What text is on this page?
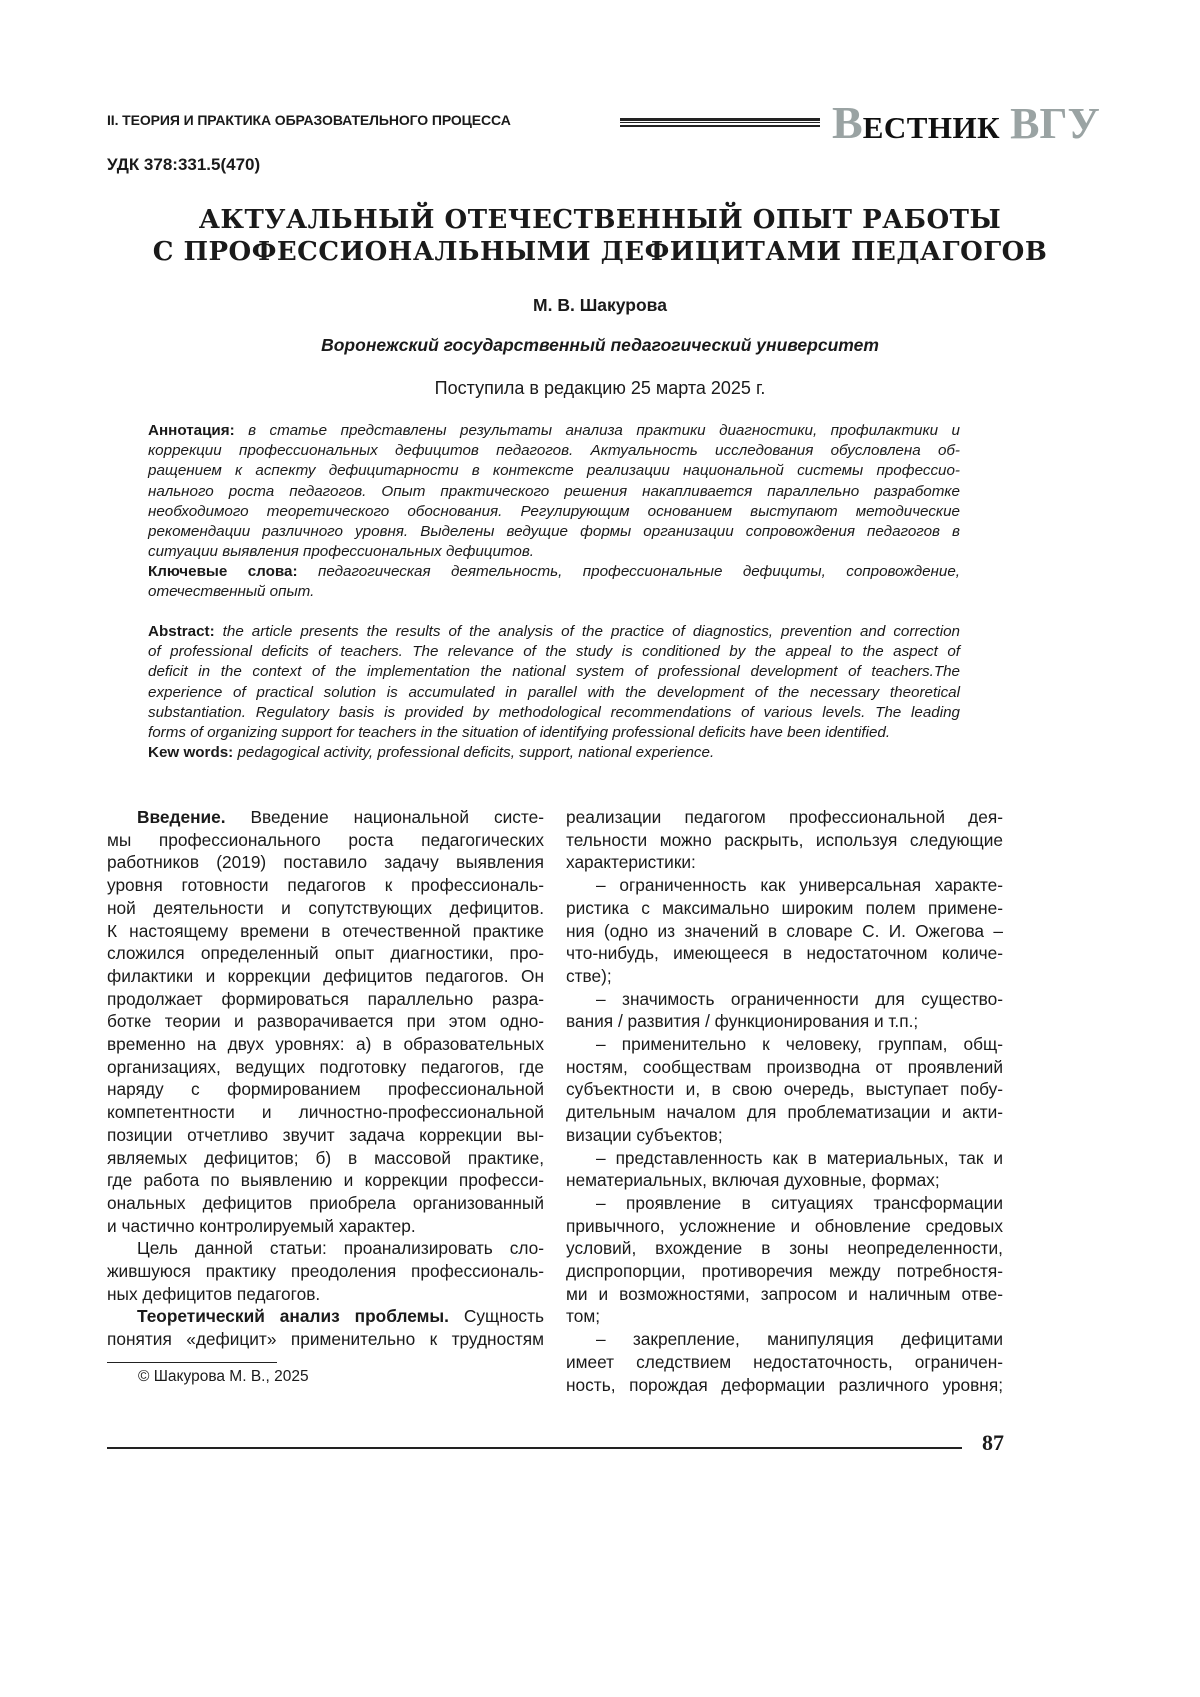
II. ТЕОРИЯ И ПРАКТИКА ОБРАЗОВАТЕЛЬНОГО ПРОЦЕССА	ВЕСТНИК ВГУ
УДК 378:331.5(470)
АКТУАЛЬНЫЙ ОТЕЧЕСТВЕННЫЙ ОПЫТ РАБОТЫ
С ПРОФЕССИОНАЛЬНЫМИ ДЕФИЦИТАМИ ПЕДАГОГОВ
М. В. Шакурова
Воронежский государственный педагогический университет
Поступила в редакцию 25 марта 2025 г.
Аннотация: в статье представлены результаты анализа практики диагностики, профилактики и
коррекции профессиональных дефицитов педагогов. Актуальность исследования обусловлена об-
ращением к аспекту дефицитарности в контексте реализации национальной системы профессио-
нального роста педагогов. Опыт практического решения накапливается параллельно разработке
необходимого теоретического обоснования. Регулирующим основанием выступают методические
рекомендации различного уровня. Выделены ведущие формы организации сопровождения педагогов в
ситуации выявления профессиональных дефицитов.
Ключевые слова: педагогическая деятельность, профессиональные дефициты, сопровождение,
отечественный опыт.
Abstract: the article presents the results of the analysis of the practice of diagnostics, prevention and correction
of professional deficits of teachers. The relevance of the study is conditioned by the appeal to the aspect of
deficit in the context of the implementation the national system of professional development of teachers.The
experience of practical solution is accumulated in parallel with the development of the necessary theoretical
substantiation. Regulatory basis is provided by methodological recommendations of various levels. The leading
forms of organizing support for teachers in the situation of identifying professional deficits have been identified.
Kew words: pedagogical activity, professional deficits, support, national experience.
Введение. Введение национальной систе-
мы профессионального роста педагогических
работников (2019) поставило задачу выявления
уровня готовности педагогов к профессиональ-
ной деятельности и сопутствующих дефицитов.
К настоящему времени в отечественной практике
сложился определенный опыт диагностики, про-
филактики и коррекции дефицитов педагогов. Он
продолжает формироваться параллельно разра-
ботке теории и разворачивается при этом одно-
временно на двух уровнях: а) в образовательных
организациях, ведущих подготовку педагогов, где
наряду с формированием профессиональной
компетентности и личностно-профессиональной
позиции отчетливо звучит задача коррекции вы-
являемых дефицитов; б) в массовой практике,
где работа по выявлению и коррекции професси-
ональных дефицитов приобрела организованный
и частично контролируемый характер.
Цель данной статьи: проанализировать сло-
жившуюся практику преодоления профессиональ-
ных дефицитов педагогов.
Теоретический анализ проблемы. Сущность
понятия «дефицит» применительно к трудностям
реализации педагогом профессиональной дея-
тельности можно раскрыть, используя следующие
характеристики:
– ограниченность как универсальная характе-
ристика с максимально широким полем примене-
ния (одно из значений в словаре С. И. Ожегова –
что-нибудь, имеющееся в недостаточном количе-
стве);
– значимость ограниченности для существо-
вания / развития / функционирования и т.п.;
– применительно к человеку, группам, общ-
ностям, сообществам производна от проявлений
субъектности и, в свою очередь, выступает побу-
дительным началом для проблематизации и акти-
визации субъектов;
– представленность как в материальных, так и
нематериальных, включая духовные, формах;
– проявление в ситуациях трансформации
привычного, усложнение и обновление средовых
условий, вхождение в зоны неопределенности,
диспропорции, противоречия между потребностя-
ми и возможностями, запросом и наличным отве-
том;
– закрепление, манипуляция дефицитами
имеет следствием недостаточность, ограничен-
ность, порождая деформации различного уровня;
© Шакурова М. В., 2025
87
